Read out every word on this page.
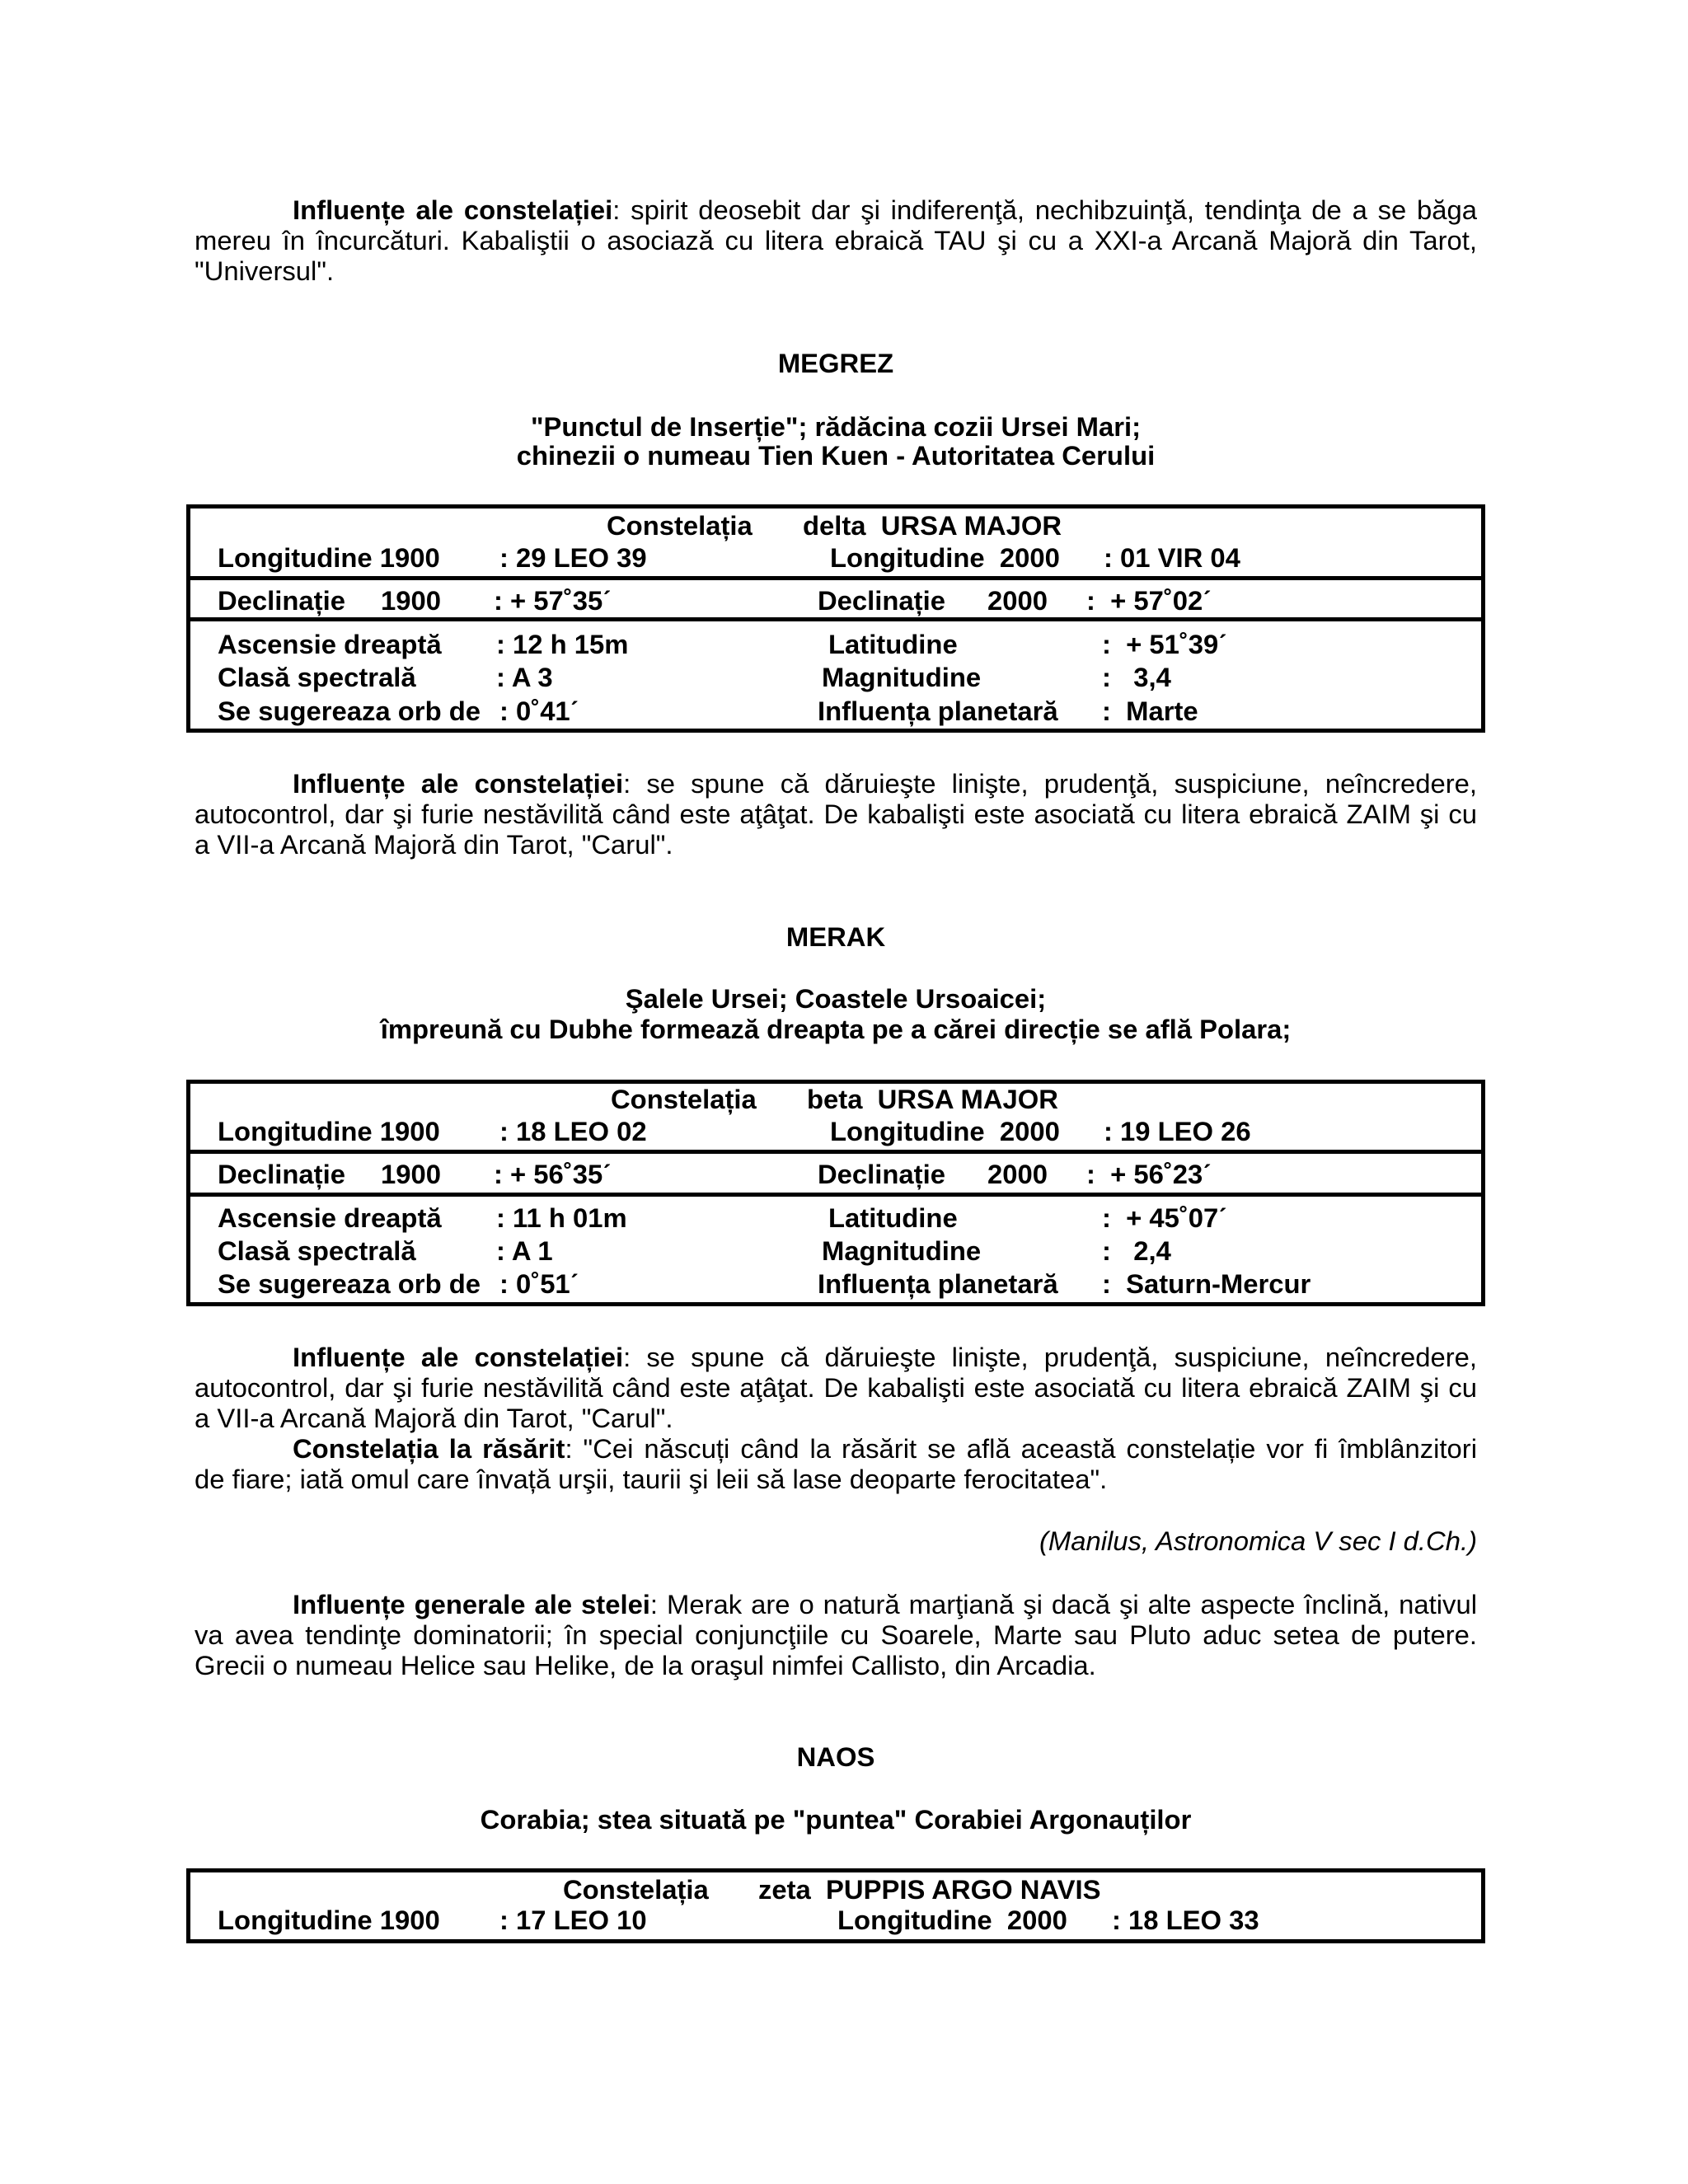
Influențe ale constelației: spirit deosebit dar şi indiferenţă, nechibzuinţă, tendinţa de a se băga
mereu în încurcături. Kabaliştii o asociază cu litera ebraică TAU şi cu a XXI-a Arcană Majoră din Tarot,
"Universul".
MEGREZ
"Punctul de Inserție"; rădăcina cozii Ursei Mari;
chinezii o numeau Tien Kuen - Autoritatea Cerului
Constelația delta  URSA MAJOR
Longitudine 1900 : 29 LEO 39	Longitudine  2000 : 01 VIR 04
Declinație 1900 : + 57˚35ˊ	Declinație 2000 :  + 57˚02ˊ
Ascensie dreaptă : 12 h 15m	Latitudine	:  + 51˚39ˊ
Clasă spectrală	: A 3	Magnitudine	:   3,4
Se sugereaza orb de : 0˚41ˊ	Influența planetară :  Marte
Influențe ale constelației: se spune că dăruieşte linişte, prudenţă, suspiciune, neîncredere,
autocontrol, dar şi furie nestăvilită când este aţâţat. De kabalişti este asociată cu litera ebraică ZAIM şi cu
a VII-a Arcană Majoră din Tarot, "Carul".
MERAK
Şalele Ursei; Coastele Ursoaicei;
împreună cu Dubhe formează dreapta pe a cărei direcție se află Polara;
Constelația beta  URSA MAJOR
Longitudine 1900 : 18 LEO 02	Longitudine  2000 : 19 LEO 26
Declinație 1900 : + 56˚35ˊ	Declinație 2000 :  + 56˚23ˊ
Ascensie dreaptă : 11 h 01m	Latitudine	:  + 45˚07ˊ
Clasă spectrală	: A 1	Magnitudine	:   2,4
Se sugereaza orb de : 0˚51ˊ	Influența planetară :  Saturn-Mercur
Influențe ale constelației: se spune că dăruieşte linişte, prudenţă, suspiciune, neîncredere,
autocontrol, dar şi furie nestăvilită când este aţâţat. De kabalişti este asociată cu litera ebraică ZAIM şi cu
a VII-a Arcană Majoră din Tarot, "Carul".
Constelația la răsărit: "Cei născuți când la răsărit se află această constelație vor fi îmblânzitori
de fiare; iată omul care învață urşii, taurii şi leii să lase deoparte ferocitatea".
(Manilus, Astronomica V sec I d.Ch.)
Influențe generale ale stelei: Merak are o natură marţiană şi dacă şi alte aspecte înclină, nativul
va avea tendinţe dominatorii; în special conjuncţiile cu Soarele, Marte sau Pluto aduc setea de putere.
Grecii o numeau Helice sau Helike, de la oraşul nimfei Callisto, din Arcadia.
NAOS
Corabia; stea situată pe "puntea" Corabiei Argonauților
Constelația zeta  PUPPIS ARGO NAVIS
Longitudine 1900 : 17 LEO 10	Longitudine  2000 : 18 LEO 33
